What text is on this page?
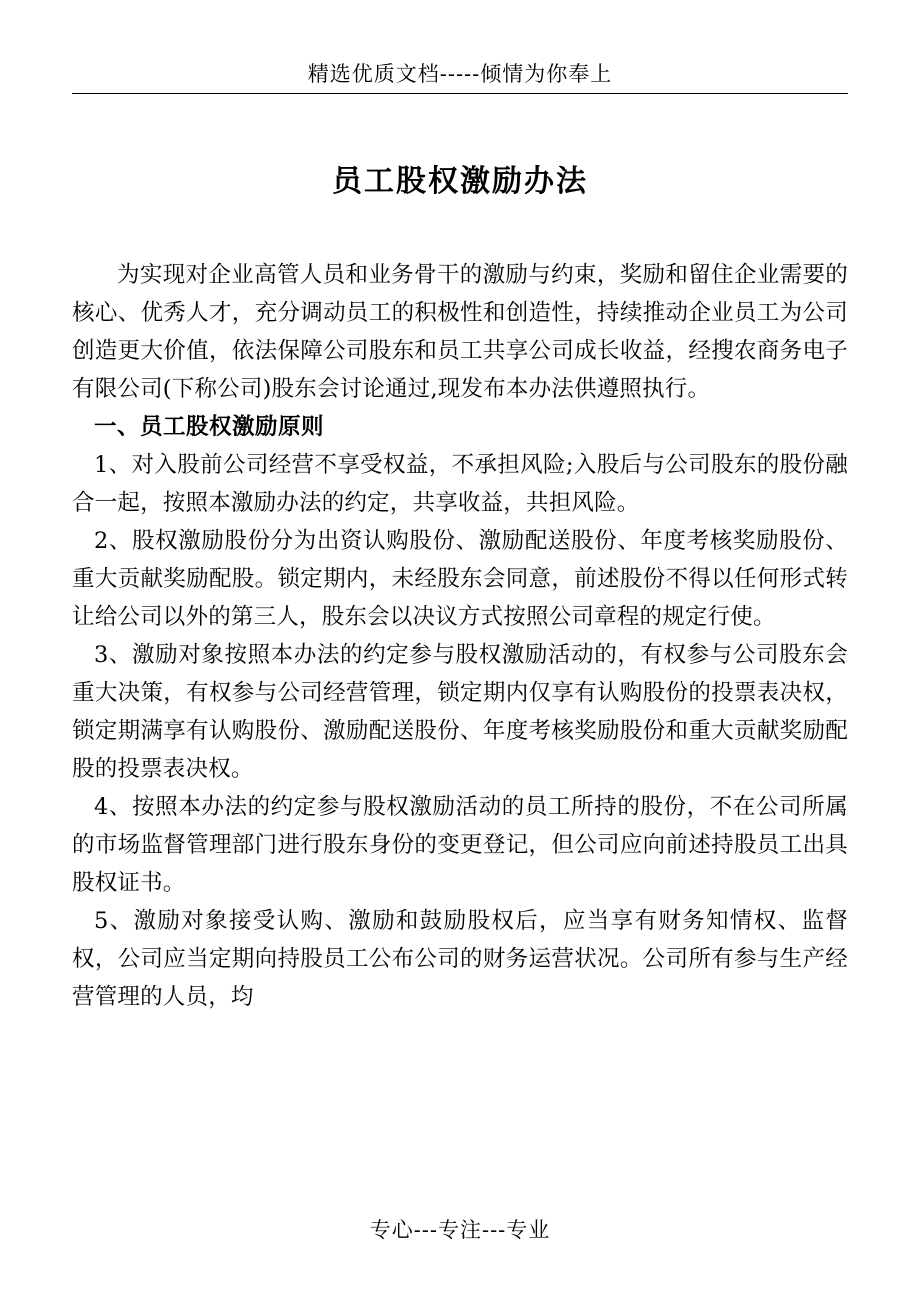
精选优质文档-----倾情为你奉上
员工股权激励办法

为实现对企业高管人员和业务骨干的激励与约束，奖励和留住企业需要的核心、优秀人才，充分调动员工的积极性和创造性，持续推动企业员工为公司创造更大价值，依法保障公司股东和员工共享公司成长收益，经搜农商务电子有限公司(下称公司)股东会讨论通过,现发布本办法供遵照执行。

一、员工股权激励原则

1、对入股前公司经营不享受权益，不承担风险;入股后与公司股东的股份融合一起，按照本激励办法的约定，共享收益，共担风险。

2、股权激励股份分为出资认购股份、激励配送股份、年度考核奖励股份、重大贡献奖励配股。锁定期内，未经股东会同意，前述股份不得以任何形式转让给公司以外的第三人，股东会以决议方式按照公司章程的规定行使。

3、激励对象按照本办法的约定参与股权激励活动的，有权参与公司股东会重大决策，有权参与公司经营管理，锁定期内仅享有认购股份的投票表决权，锁定期满享有认购股份、激励配送股份、年度考核奖励股份和重大贡献奖励配股的投票表决权。

4、按照本办法的约定参与股权激励活动的员工所持的股份，不在公司所属的市场监督管理部门进行股东身份的变更登记，但公司应向前述持股员工出具股权证书。

5、激励对象接受认购、激励和鼓励股权后，应当享有财务知情权、监督权，公司应当定期向持股员工公布公司的财务运营状况。公司所有参与生产经营管理的人员，均

专心---专注---专业
